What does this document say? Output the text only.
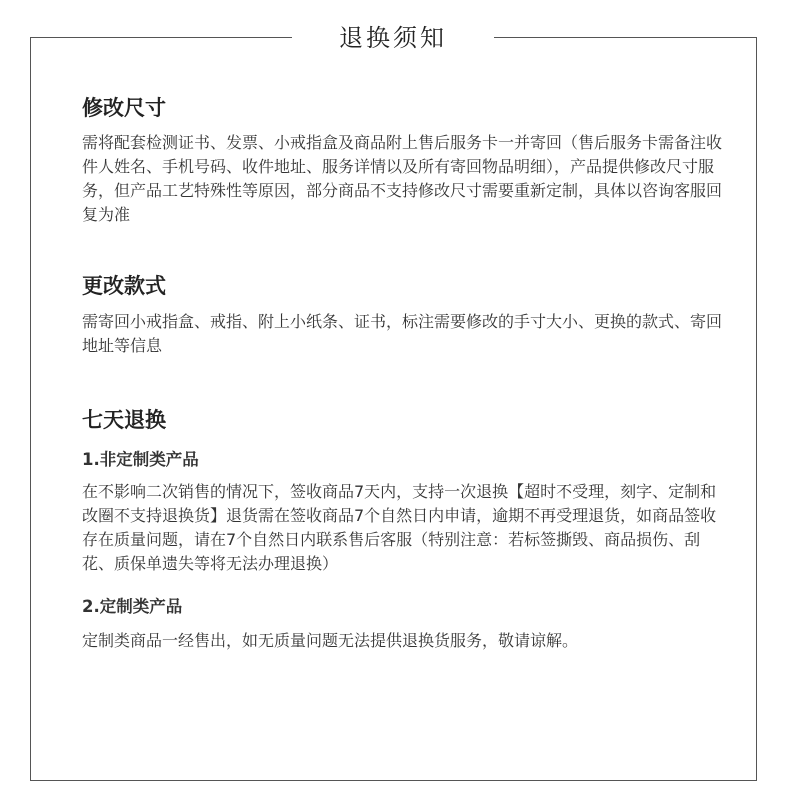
退换须知
修改尺寸

需将配套检测证书、发票、小戒指盒及商品附上售后服务卡一并寄回（售后服务卡需备注收件人姓名、手机号码、收件地址、服务详情以及所有寄回物品明细），产品提供修改尺寸服务，但产品工艺特殊性等原因，部分商品不支持修改尺寸需要重新定制，具体以咨询客服回复为准

更改款式

需寄回小戒指盒、戒指、附上小纸条、证书，标注需要修改的手寸大小、更换的款式、寄回地址等信息

七天退换
1.非定制类产品

在不影响二次销售的情况下，签收商品7天内，支持一次退换【超时不受理，刻字、定制和改圈不支持退换货】退货需在签收商品7个自然日内申请，逾期不再受理退货，如商品签收存在质量问题，请在7个自然日内联系售后客服（特别注意：若标签撕毁、商品损伤、刮花、质保单遗失等将无法办理退换）

2.定制类产品

定制类商品一经售出，如无质量问题无法提供退换货服务，敬请谅解。
